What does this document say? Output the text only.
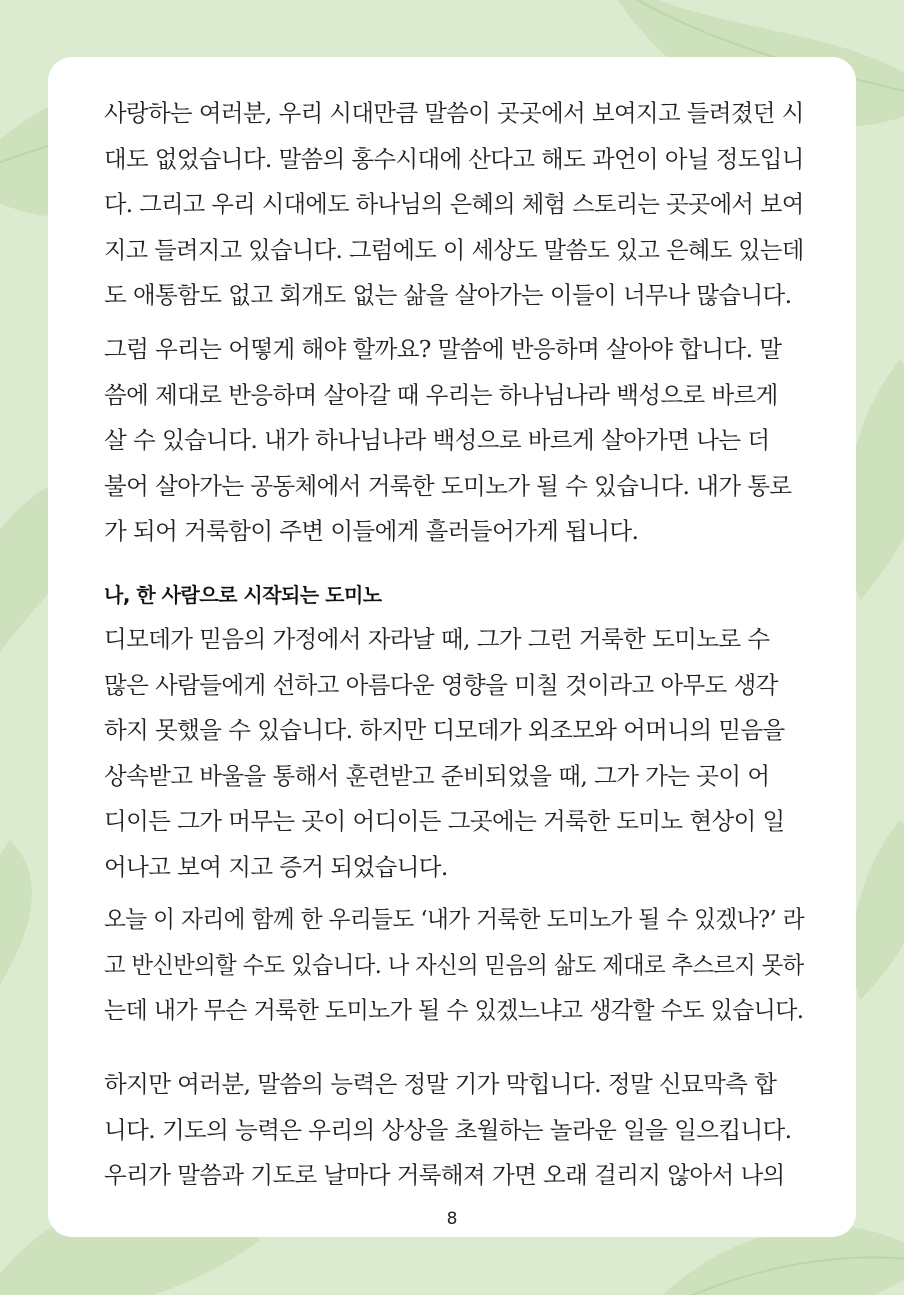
사랑하는 여러분, 우리 시대만큼 말씀이 곳곳에서 보여지고 들려졌던 시
대도 없었습니다. 말씀의 홍수시대에 산다고 해도 과언이 아닐 정도입니
다. 그리고 우리 시대에도 하나님의 은혜의 체험 스토리는 곳곳에서 보여
지고 들려지고 있습니다. 그럼에도 이 세상도 말씀도 있고 은혜도 있는데
도 애통함도 없고 회개도 없는 삶을 살아가는 이들이 너무나 많습니다.
그럼 우리는 어떻게 해야 할까요? 말씀에 반응하며 살아야 합니다. 말
씀에 제대로 반응하며 살아갈 때 우리는 하나님나라 백성으로 바르게
살 수 있습니다. 내가 하나님나라 백성으로 바르게 살아가면 나는 더
불어 살아가는 공동체에서 거룩한 도미노가 될 수 있습니다. 내가 통로
가 되어 거룩함이 주변 이들에게 흘러들어가게 됩니다.
나, 한 사람으로 시작되는 도미노
디모데가 믿음의 가정에서 자라날 때, 그가 그런 거룩한 도미노로 수
많은 사람들에게 선하고 아름다운 영향을 미칠 것이라고 아무도 생각
하지 못했을 수 있습니다. 하지만 디모데가 외조모와 어머니의 믿음을
상속받고 바울을 통해서 훈련받고 준비되었을 때, 그가 가는 곳이 어
디이든 그가 머무는 곳이 어디이든 그곳에는 거룩한 도미노 현상이 일
어나고 보여 지고 증거 되었습니다.
오늘 이 자리에 함께 한 우리들도 ‘내가 거룩한 도미노가 될 수 있겠나?’ 라
고 반신반의할 수도 있습니다. 나 자신의 믿음의 삶도 제대로 추스르지 못하
는데 내가 무슨 거룩한 도미노가 될 수 있겠느냐고 생각할 수도 있습니다.
하지만 여러분, 말씀의 능력은 정말 기가 막힙니다. 정말 신묘막측 합
니다. 기도의 능력은 우리의 상상을 초월하는 놀라운 일을 일으킵니다.
우리가 말씀과 기도로 날마다 거룩해져 가면 오래 걸리지 않아서 나의
8
